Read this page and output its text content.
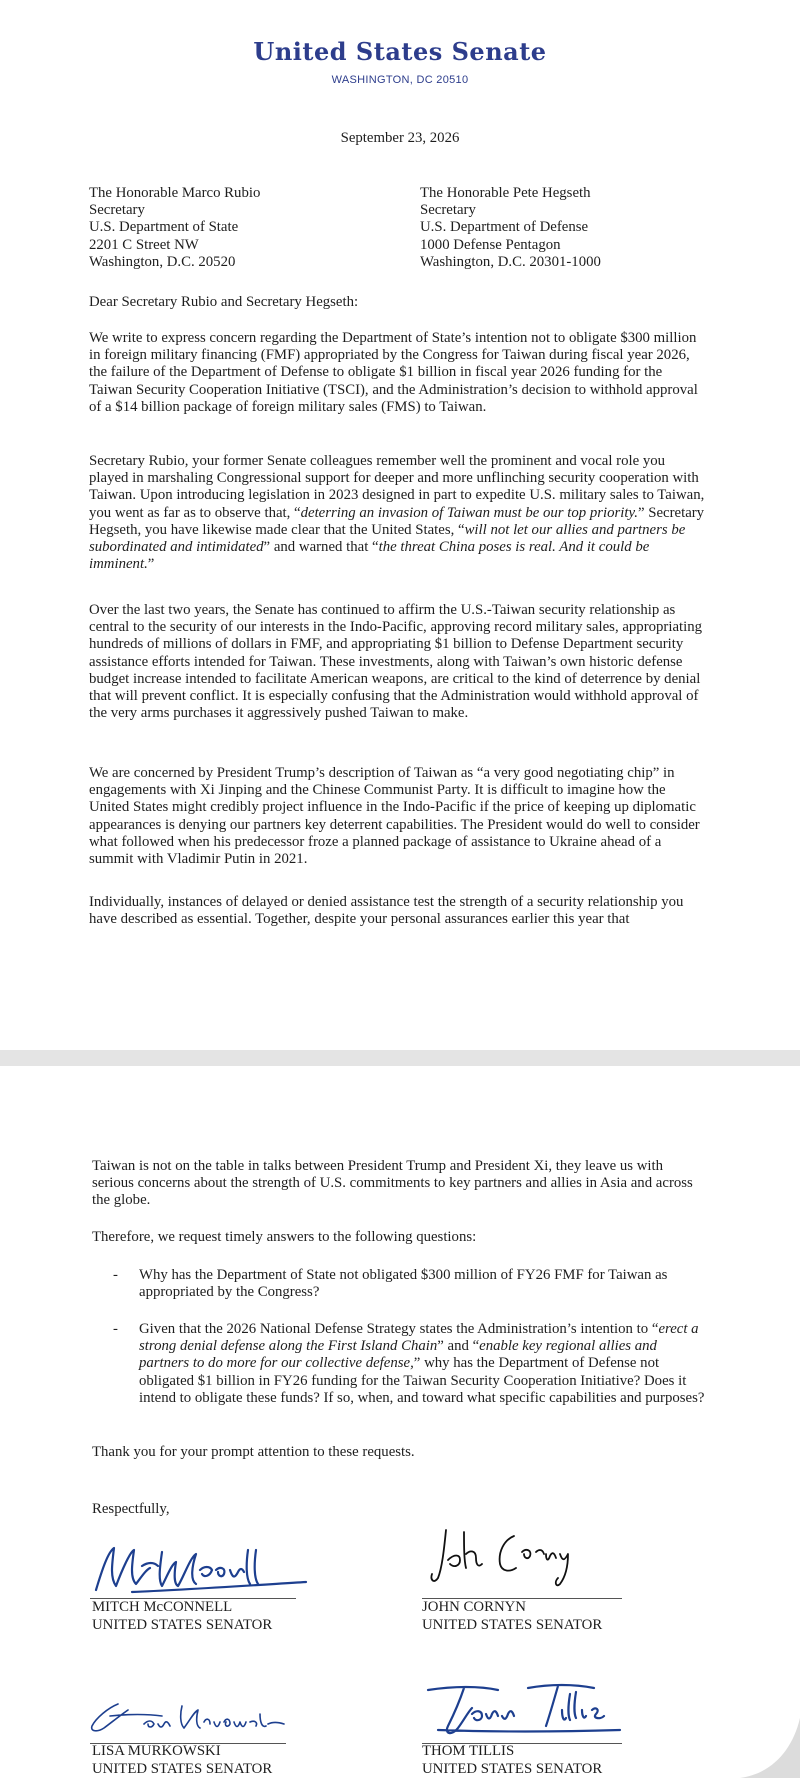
United States Senate
WASHINGTON, DC 20510
September 23, 2026
The Honorable Marco Rubio
Secretary
U.S. Department of State
2201 C Street NW
Washington, D.C. 20520
The Honorable Pete Hegseth
Secretary
U.S. Department of Defense
1000 Defense Pentagon
Washington, D.C. 20301-1000
Dear Secretary Rubio and Secretary Hegseth:
We write to express concern regarding the Department of State’s intention not to obligate $300 million in foreign military financing (FMF) appropriated by the Congress for Taiwan during fiscal year 2026, the failure of the Department of Defense to obligate $1 billion in fiscal year 2026 funding for the Taiwan Security Cooperation Initiative (TSCI), and the Administration’s decision to withhold approval of a $14 billion package of foreign military sales (FMS) to Taiwan.
Secretary Rubio, your former Senate colleagues remember well the prominent and vocal role you played in marshaling Congressional support for deeper and more unflinching security cooperation with Taiwan. Upon introducing legislation in 2023 designed in part to expedite U.S. military sales to Taiwan, you went as far as to observe that, “deterring an invasion of Taiwan must be our top priority.” Secretary Hegseth, you have likewise made clear that the United States, “will not let our allies and partners be subordinated and intimidated” and warned that “the threat China poses is real. And it could be imminent.”
Over the last two years, the Senate has continued to affirm the U.S.-Taiwan security relationship as central to the security of our interests in the Indo-Pacific, approving record military sales, appropriating hundreds of millions of dollars in FMF, and appropriating $1 billion to Defense Department security assistance efforts intended for Taiwan. These investments, along with Taiwan’s own historic defense budget increase intended to facilitate American weapons, are critical to the kind of deterrence by denial that will prevent conflict. It is especially confusing that the Administration would withhold approval of the very arms purchases it aggressively pushed Taiwan to make.
We are concerned by President Trump’s description of Taiwan as “a very good negotiating chip” in engagements with Xi Jinping and the Chinese Communist Party. It is difficult to imagine how the United States might credibly project influence in the Indo-Pacific if the price of keeping up diplomatic appearances is denying our partners key deterrent capabilities. The President would do well to consider what followed when his predecessor froze a planned package of assistance to Ukraine ahead of a summit with Vladimir Putin in 2021.
Individually, instances of delayed or denied assistance test the strength of a security relationship you have described as essential. Together, despite your personal assurances earlier this year that
Taiwan is not on the table in talks between President Trump and President Xi, they leave us with serious concerns about the strength of U.S. commitments to key partners and allies in Asia and across the globe.
Therefore, we request timely answers to the following questions:
- Why has the Department of State not obligated $300 million of FY26 FMF for Taiwan as appropriated by the Congress?
- Given that the 2026 National Defense Strategy states the Administration’s intention to “erect a strong denial defense along the First Island Chain” and “enable key regional allies and partners to do more for our collective defense,” why has the Department of Defense not obligated $1 billion in FY26 funding for the Taiwan Security Cooperation Initiative? Does it intend to obligate these funds? If so, when, and toward what specific capabilities and purposes?
Thank you for your prompt attention to these requests.
Respectfully,
MITCH McCONNELL
UNITED STATES SENATOR
JOHN CORNYN
UNITED STATES SENATOR
LISA MURKOWSKI
UNITED STATES SENATOR
THOM TILLIS
UNITED STATES SENATOR
